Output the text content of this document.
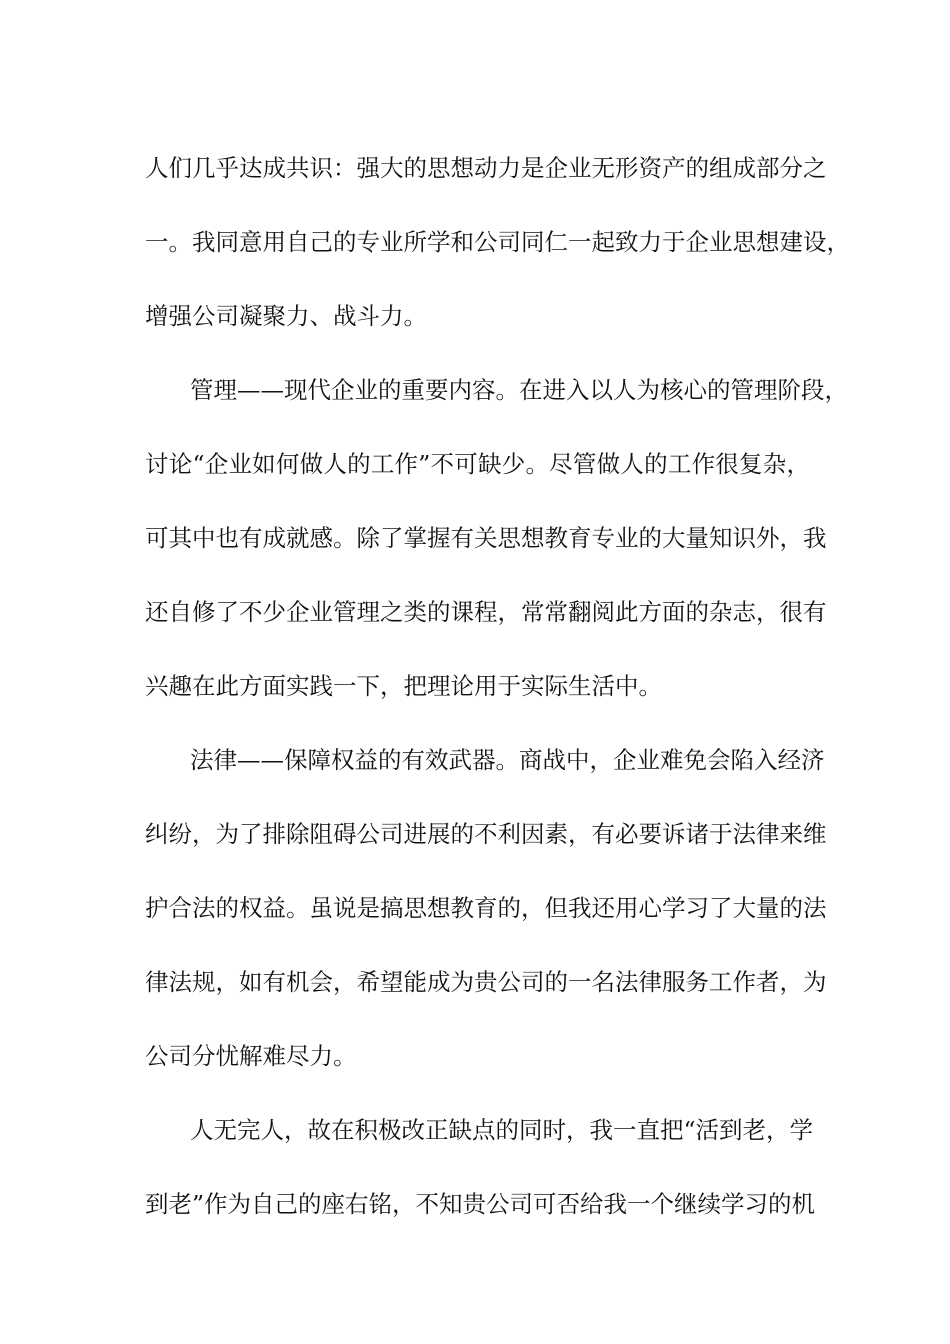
人们几乎达成共识：强大的思想动力是企业无形资产的组成部分之
一。我同意用自己的专业所学和公司同仁一起致力于企业思想建设，
增强公司凝聚力、战斗力。
管理——现代企业的重要内容。在进入以人为核心的管理阶段，
讨论“企业如何做人的工作”不可缺少。尽管做人的工作很复杂，
可其中也有成就感。除了掌握有关思想教育专业的大量知识外，我
还自修了不少企业管理之类的课程，常常翻阅此方面的杂志，很有
兴趣在此方面实践一下，把理论用于实际生活中。
法律——保障权益的有效武器。商战中，企业难免会陷入经济
纠纷，为了排除阻碍公司进展的不利因素，有必要诉诸于法律来维
护合法的权益。虽说是搞思想教育的，但我还用心学习了大量的法
律法规，如有机会，希望能成为贵公司的一名法律服务工作者，为
公司分忧解难尽力。
人无完人，故在积极改正缺点的同时，我一直把“活到老，学
到老”作为自己的座右铭，不知贵公司可否给我一个继续学习的机
